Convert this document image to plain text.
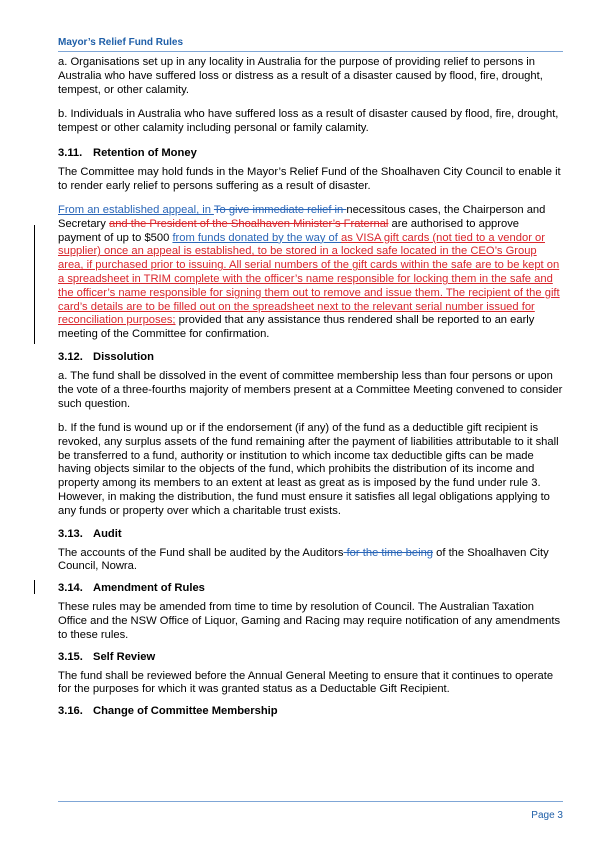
Mayor’s Relief Fund Rules

a. Organisations set up in any locality in Australia for the purpose of providing relief to persons in Australia who have suffered loss or distress as a result of a disaster caused by flood, fire, drought, tempest, or other calamity.

b. Individuals in Australia who have suffered loss as a result of disaster caused by flood, fire, drought, tempest or other calamity including personal or family calamity.

3.11. Retention of Money

The Committee may hold funds in the Mayor’s Relief Fund of the Shoalhaven City Council to enable it to render early relief to persons suffering as a result of disaster.

From an established appeal, in To give immediate relief in necessitous cases, the Chairperson and Secretary and the President of the Shoalhaven Minister’s Fraternal are authorised to approve payment of up to $500 from funds donated by the way of as VISA gift cards (not tied to a vendor or supplier) once an appeal is established, to be stored in a locked safe located in the CEO’s Group area, if purchased prior to issuing. All serial numbers of the gift cards within the safe are to be kept on a spreadsheet in TRIM complete with the officer’s name responsible for locking them in the safe and the officer’s name responsible for signing them out to remove and issue them. The recipient of the gift card’s details are to be filled out on the spreadsheet next to the relevant serial number issued for reconciliation purposes; provided that any assistance thus rendered shall be reported to an early meeting of the Committee for confirmation.

3.12. Dissolution

a. The fund shall be dissolved in the event of committee membership less than four persons or upon the vote of a three-fourths majority of members present at a Committee Meeting convened to consider such question.

b. If the fund is wound up or if the endorsement (if any) of the fund as a deductible gift recipient is revoked, any surplus assets of the fund remaining after the payment of liabilities attributable to it shall be transferred to a fund, authority or institution to which income tax deductible gifts can be made having objects similar to the objects of the fund, which prohibits the distribution of its income and property among its members to an extent at least as great as is imposed by the fund under rule 3. However, in making the distribution, the fund must ensure it satisfies all legal obligations applying to any funds or property over which a charitable trust exists.

3.13. Audit

The accounts of the Fund shall be audited by the Auditors for the time being of the Shoalhaven City Council, Nowra.

3.14. Amendment of Rules

These rules may be amended from time to time by resolution of Council. The Australian Taxation Office and the NSW Office of Liquor, Gaming and Racing may require notification of any amendments to these rules.

3.15. Self Review

The fund shall be reviewed before the Annual General Meeting to ensure that it continues to operate for the purposes for which it was granted status as a Deductable Gift Recipient.

3.16. Change of Committee Membership
Page 3
